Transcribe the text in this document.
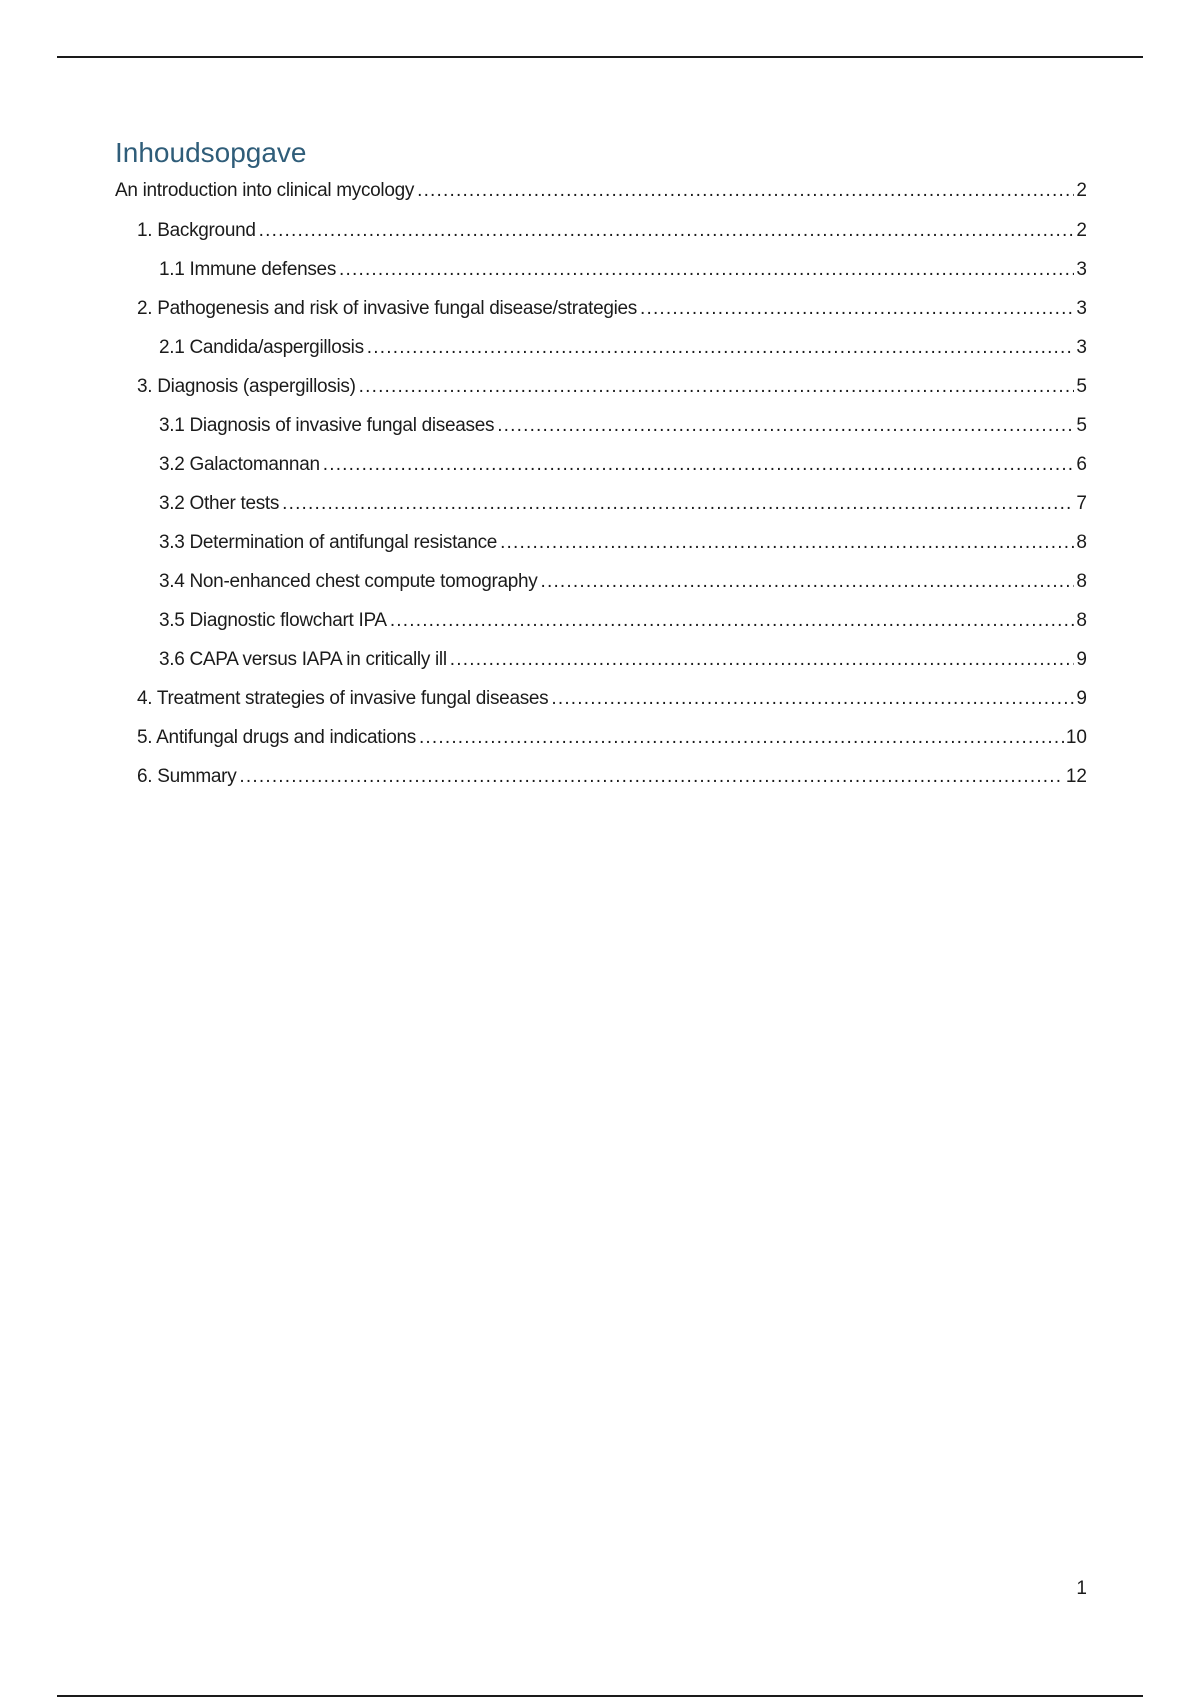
Inhoudsopgave
An introduction into clinical mycology .....	2
1. Background .....	2
1.1 Immune defenses .....	3
2. Pathogenesis and risk of invasive fungal disease/strategies .....	3
2.1 Candida/aspergillosis .....	3
3. Diagnosis (aspergillosis) .....	5
3.1 Diagnosis of invasive fungal diseases .....	5
3.2 Galactomannan .....	6
3.2 Other tests .....	7
3.3 Determination of antifungal resistance .....	8
3.4 Non-enhanced chest compute tomography .....	8
3.5 Diagnostic flowchart IPA .....	8
3.6 CAPA versus IAPA in critically ill .....	9
4. Treatment strategies of invasive fungal diseases .....	9
5. Antifungal drugs and indications .....	10
6. Summary .....	12
1
